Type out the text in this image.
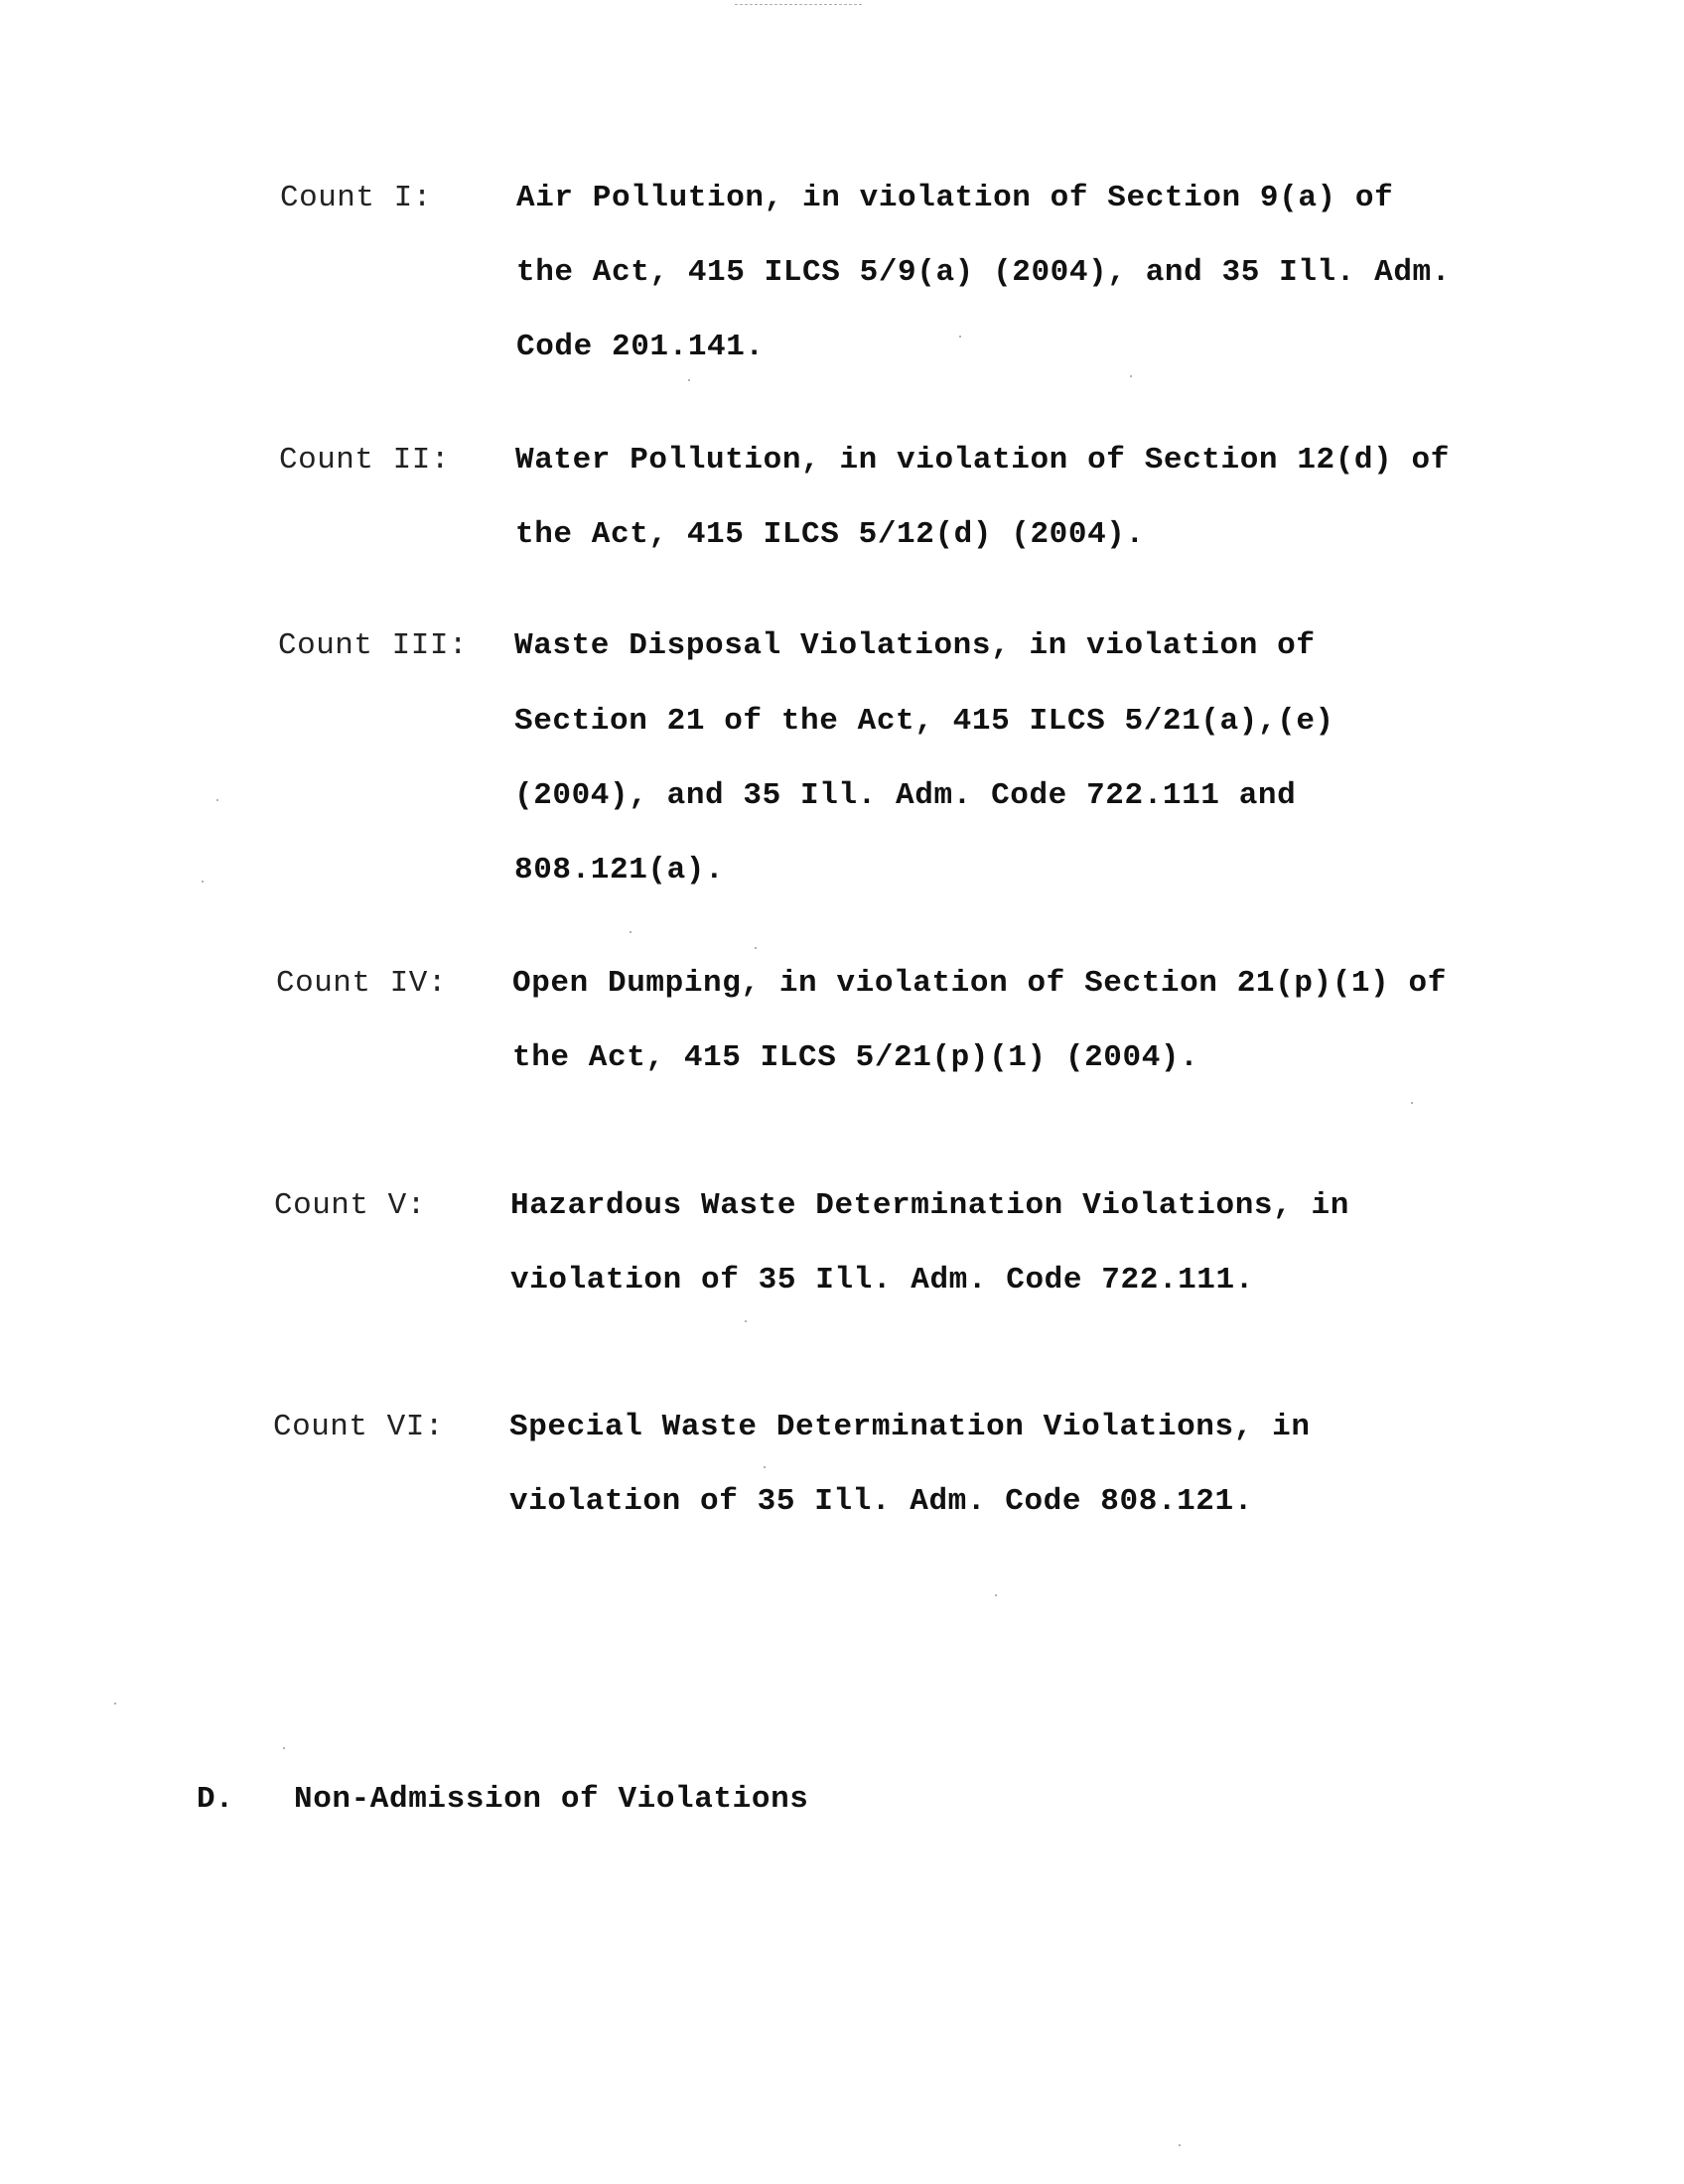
Count I:	Air Pollution, in violation of Section 9(a) of
the Act, 415 ILCS 5/9(a) (2004), and 35 Ill. Adm.
Code 201.141.
Count II: Water Pollution, in violation of Section 12(d) of
the Act, 415 ILCS 5/12(d) (2004).
Count III: Waste Disposal Violations, in violation of
Section 21 of the Act, 415 ILCS 5/21(a),(e)
(2004), and 35 Ill. Adm. Code 722.111 and
808.121(a).
Count IV: Open Dumping, in violation of Section 21(p)(1) of
the Act, 415 ILCS 5/21(p)(1) (2004).
Count V:	Hazardous Waste Determination Violations, in
violation of 35 Ill. Adm. Code 722.111.
Count VI: Special Waste Determination Violations, in
violation of 35 Ill. Adm. Code 808.121.
D. Non-Admission of Violations
